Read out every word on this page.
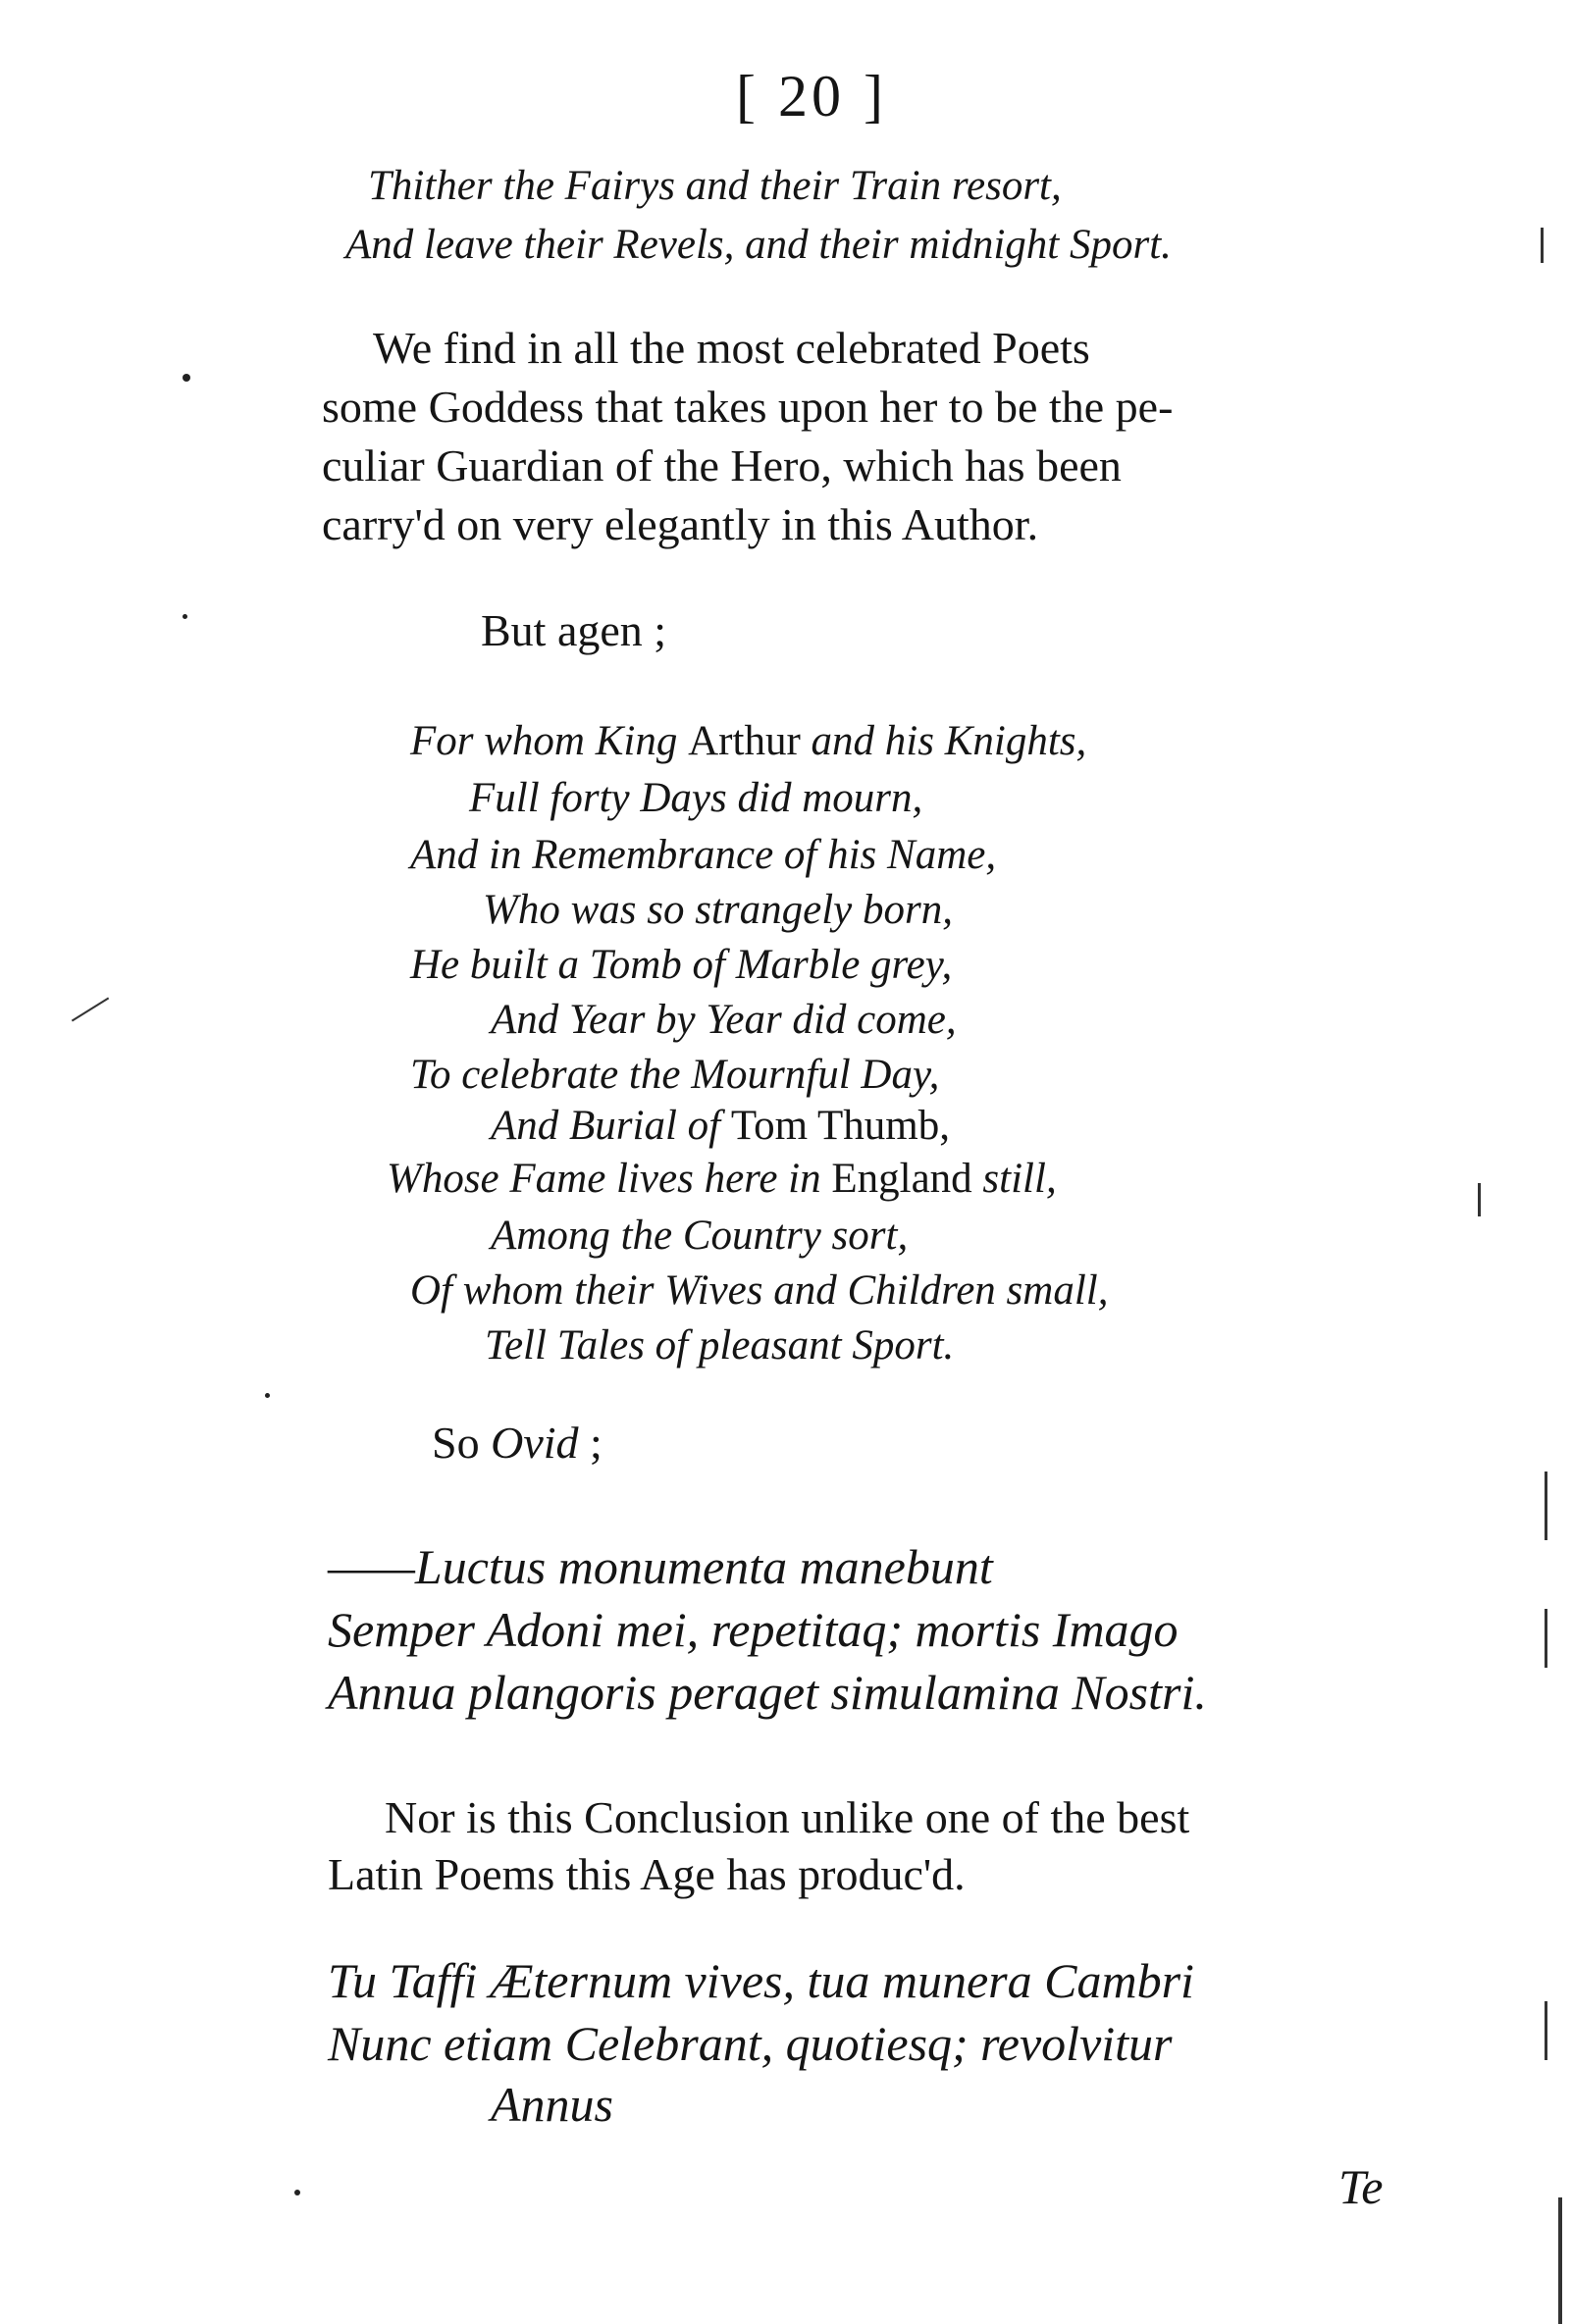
[ 20 ]
Thither the Fairys and their Train resort,
And leave their Revels, and their midnight Sport.
We find in all the most celebrated Poets
some Goddess that takes upon her to be the pe-
culiar Guardian of the Hero, which has been
carry'd on very elegantly in this Author.
But agen ;
For whom King Arthur and his Knights,
Full forty Days did mourn,
And in Remembrance of his Name,
Who was so strangely born,
He built a Tomb of Marble grey,
And Year by Year did come,
To celebrate the Mournful Day,
And Burial of Tom Thumb,
Whose Fame lives here in England still,
Among the Country sort,
Of whom their Wives and Children small,
Tell Tales of pleasant Sport.
So Ovid ;
——Luctus monumenta manebunt
Semper Adoni mei, repetitaq; mortis Imago
Annua plangoris peraget simulamina Nostri.
Nor is this Conclusion unlike one of the best
Latin Poems this Age has produc'd.
Tu Taffi Æternum vives, tua munera Cambri
Nunc etiam Celebrant, quotiesq; revolvitur
Annus
Te
